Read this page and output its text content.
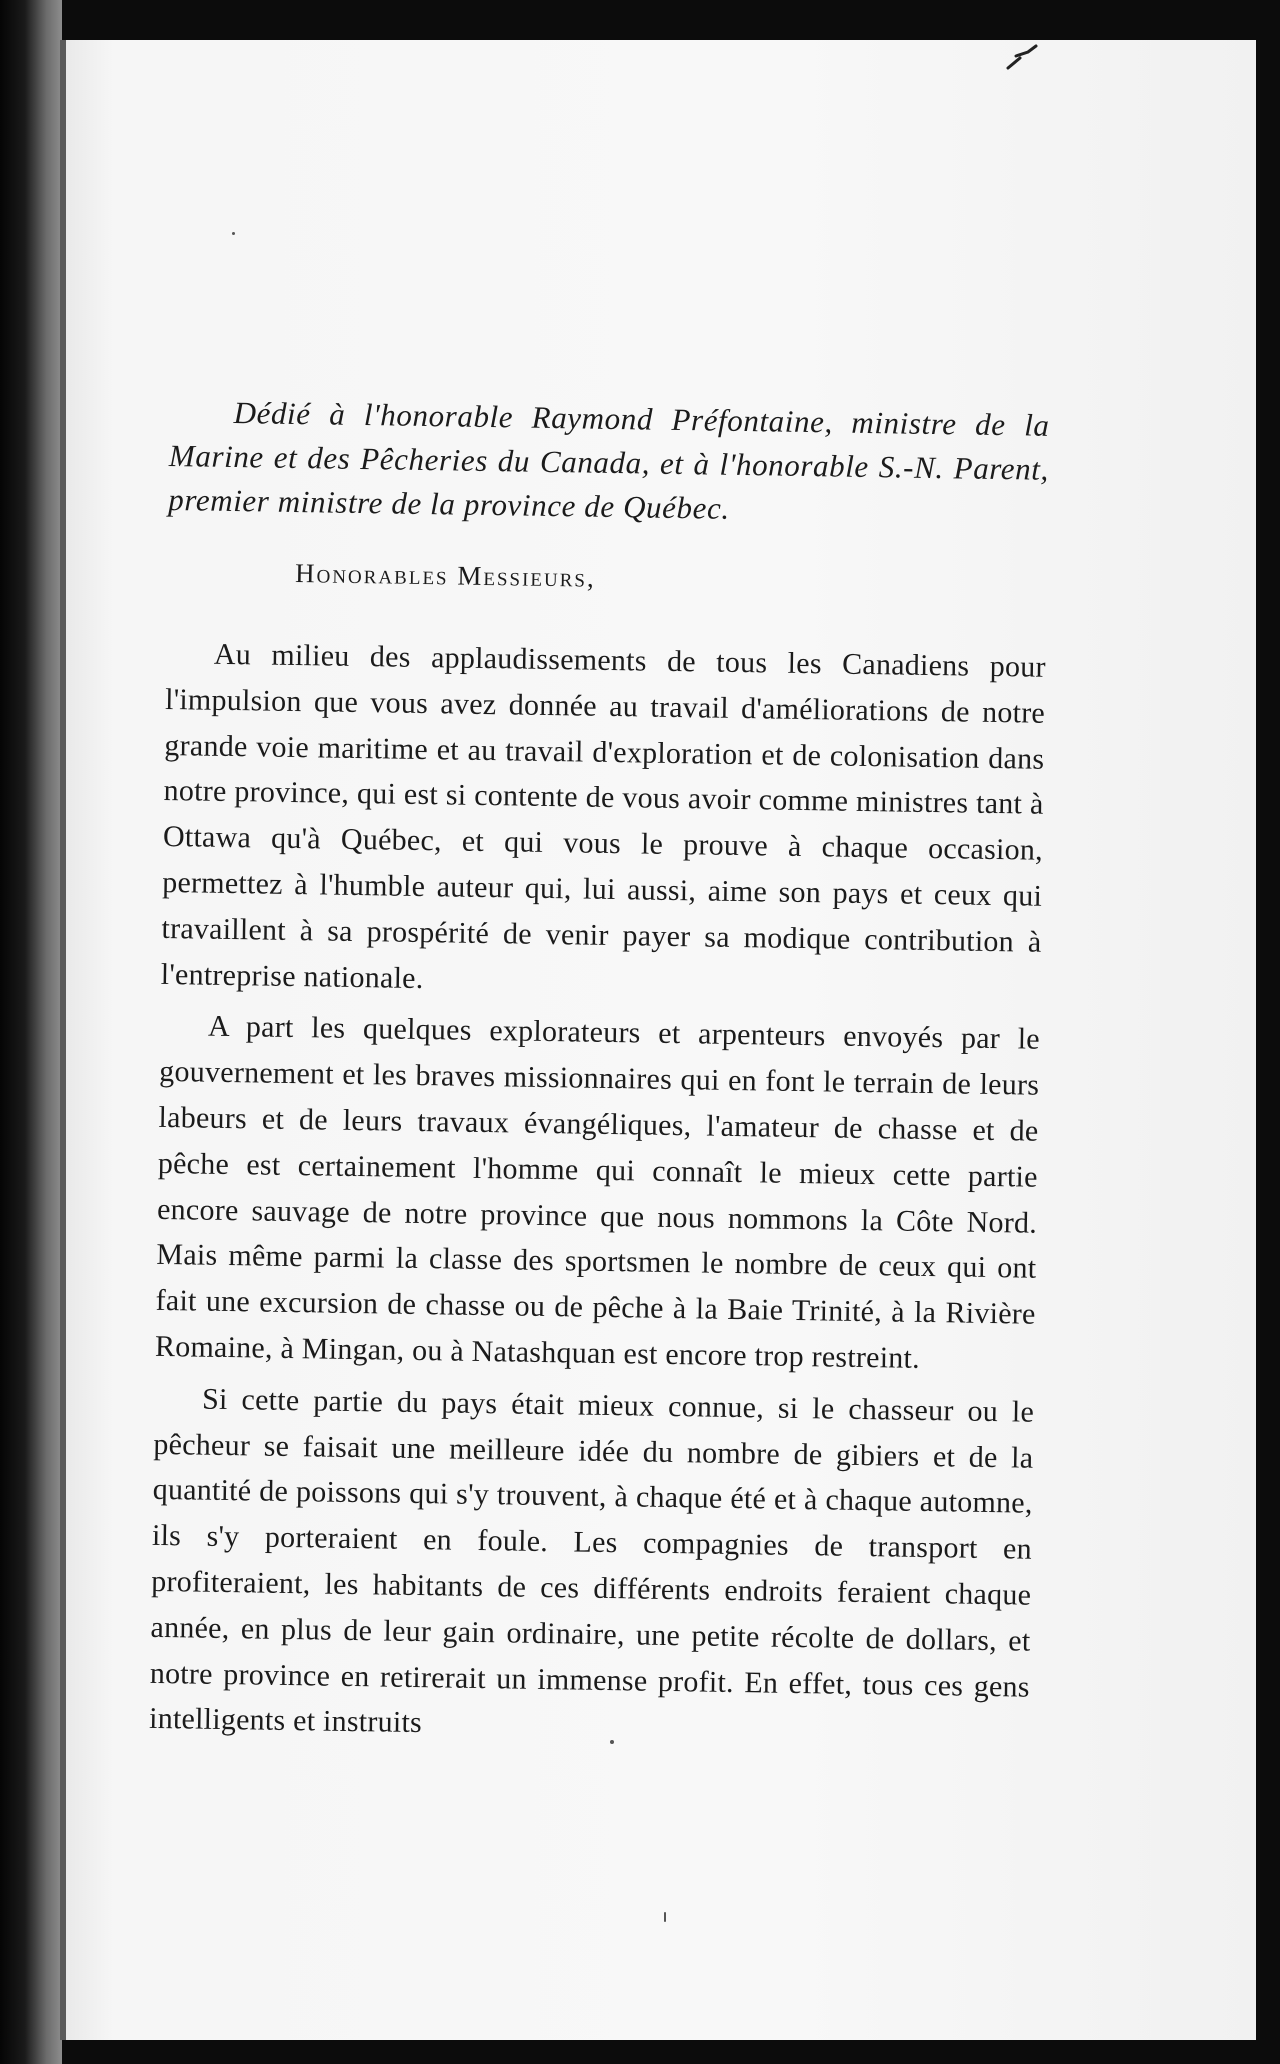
Dédié à l'honorable Raymond Préfontaine, ministre de la Marine et des Pêcheries du Canada, et à l'honorable S.-N. Parent, premier ministre de la province de Québec.

Honorables Messieurs,

Au milieu des applaudissements de tous les Canadiens pour l'impulsion que vous avez donnée au travail d'améliorations de notre grande voie maritime et au travail d'exploration et de colonisation dans notre province, qui est si contente de vous avoir comme ministres tant à Ottawa qu'à Québec, et qui vous le prouve à chaque occasion, permettez à l'humble auteur qui, lui aussi, aime son pays et ceux qui travaillent à sa prospérité de venir payer sa modique contribution à l'entreprise nationale.

A part les quelques explorateurs et arpenteurs envoyés par le gouvernement et les braves missionnaires qui en font le terrain de leurs labeurs et de leurs travaux évangéliques, l'amateur de chasse et de pêche est certainement l'homme qui connaît le mieux cette partie encore sauvage de notre province que nous nommons la Côte Nord. Mais même parmi la classe des sportsmen le nombre de ceux qui ont fait une excursion de chasse ou de pêche à la Baie Trinité, à la Rivière Romaine, à Mingan, ou à Natashquan est encore trop restreint.

Si cette partie du pays était mieux connue, si le chasseur ou le pêcheur se faisait une meilleure idée du nombre de gibiers et de la quantité de poissons qui s'y trouvent, à chaque été et à chaque automne, ils s'y porteraient en foule. Les compagnies de transport en profiteraient, les habitants de ces différents endroits feraient chaque année, en plus de leur gain ordinaire, une petite récolte de dollars, et notre province en retirerait un immense profit. En effet, tous ces gens intelligents et instruits
